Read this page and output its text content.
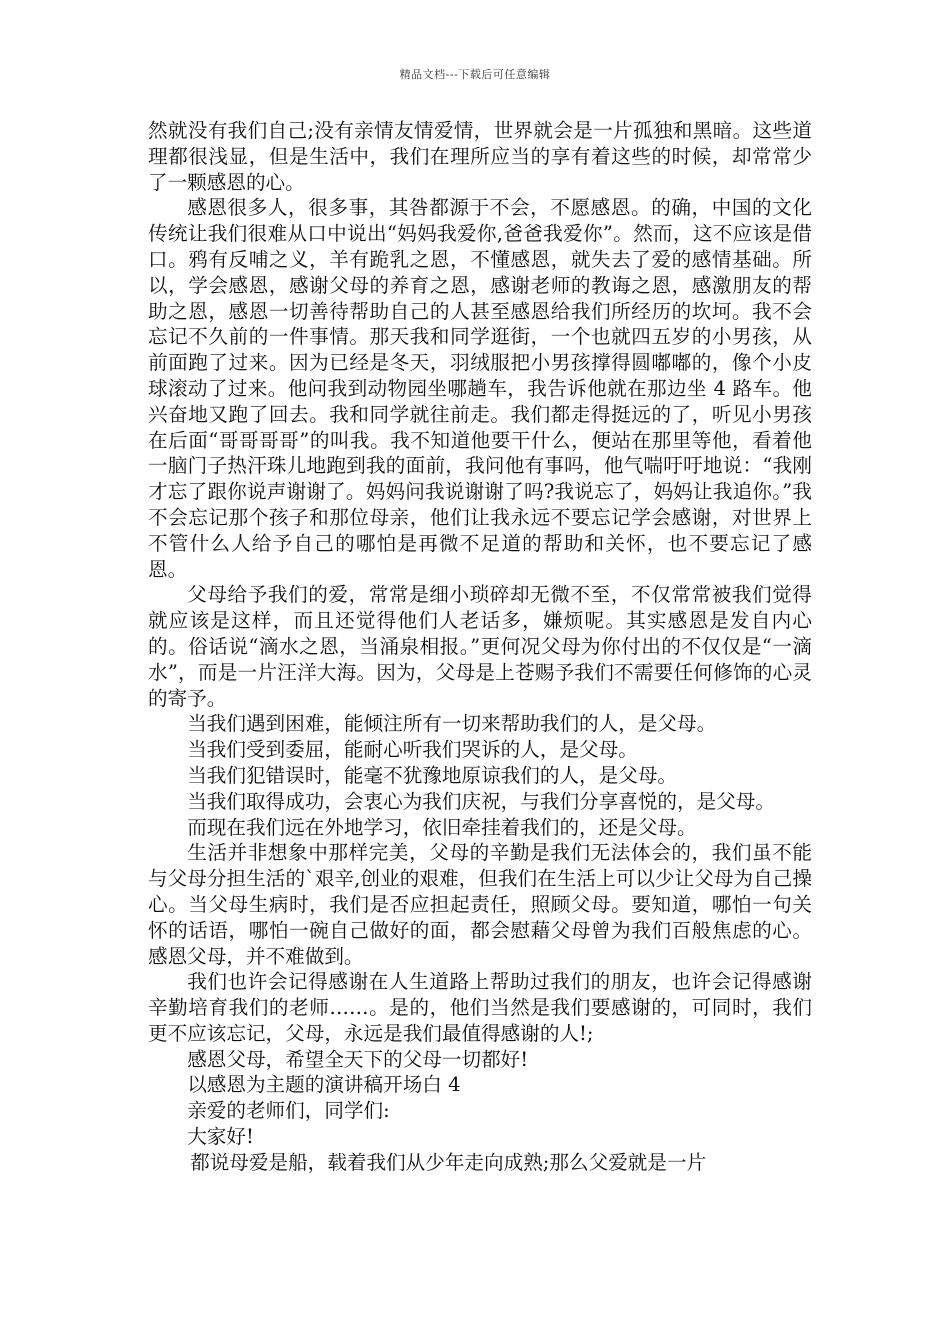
精品文档---下载后可任意编辑

然就没有我们自己;没有亲情友情爱情，世界就会是一片孤独和黑暗。这些道理都很浅显，但是生活中，我们在理所应当的享有着这些的时候，却常常少了一颗感恩的心。

感恩很多人，很多事，其咎都源于不会，不愿感恩。的确，中国的文化传统让我们很难从口中说出“妈妈我爱你,爸爸我爱你”。然而，这不应该是借口。鸦有反哺之义，羊有跪乳之恩，不懂感恩，就失去了爱的感情基础。所以，学会感恩，感谢父母的养育之恩，感谢老师的教诲之恩，感激朋友的帮助之恩，感恩一切善待帮助自己的人甚至感恩给我们所经历的坎坷。我不会忘记不久前的一件事情。那天我和同学逛街，一个也就四五岁的小男孩，从前面跑了过来。因为已经是冬天，羽绒服把小男孩撑得圆嘟嘟的，像个小皮球滚动了过来。他问我到动物园坐哪趟车，我告诉他就在那边坐 4 路车。他兴奋地又跑了回去。我和同学就往前走。我们都走得挺远的了，听见小男孩在后面“哥哥哥哥”的叫我。我不知道他要干什么，便站在那里等他，看着他一脑门子热汗珠儿地跑到我的面前，我问他有事吗，他气喘吁吁地说：“我刚才忘了跟你说声谢谢了。妈妈问我说谢谢了吗?我说忘了，妈妈让我追你。”我不会忘记那个孩子和那位母亲，他们让我永远不要忘记学会感谢，对世界上不管什么人给予自己的哪怕是再微不足道的帮助和关怀，也不要忘记了感恩。

父母给予我们的爱，常常是细小琐碎却无微不至，不仅常常被我们觉得就应该是这样，而且还觉得他们人老话多，嫌烦呢。其实感恩是发自内心的。俗话说“滴水之恩，当涌泉相报。”更何况父母为你付出的不仅仅是“一滴水”，而是一片汪洋大海。因为，父母是上苍赐予我们不需要任何修饰的心灵的寄予。

当我们遇到困难，能倾注所有一切来帮助我们的人，是父母。

当我们受到委屈，能耐心听我们哭诉的人，是父母。

当我们犯错误时，能毫不犹豫地原谅我们的人，是父母。

当我们取得成功，会衷心为我们庆祝，与我们分享喜悦的，是父母。

而现在我们远在外地学习，依旧牵挂着我们的，还是父母。

生活并非想象中那样完美，父母的辛勤是我们无法体会的，我们虽不能与父母分担生活的`艰辛,创业的艰难，但我们在生活上可以少让父母为自己操心。当父母生病时，我们是否应担起责任，照顾父母。要知道，哪怕一句关怀的话语，哪怕一碗自己做好的面，都会慰藉父母曾为我们百般焦虑的心。感恩父母，并不难做到。

我们也许会记得感谢在人生道路上帮助过我们的朋友，也许会记得感谢辛勤培育我们的老师……。是的，他们当然是我们要感谢的，可同时，我们更不应该忘记，父母，永远是我们最值得感谢的人!;

感恩父母，希望全天下的父母一切都好!

以感恩为主题的演讲稿开场白 4

亲爱的老师们，同学们:

大家好!

都说母爱是船，载着我们从少年走向成熟;那么父爱就是一片
